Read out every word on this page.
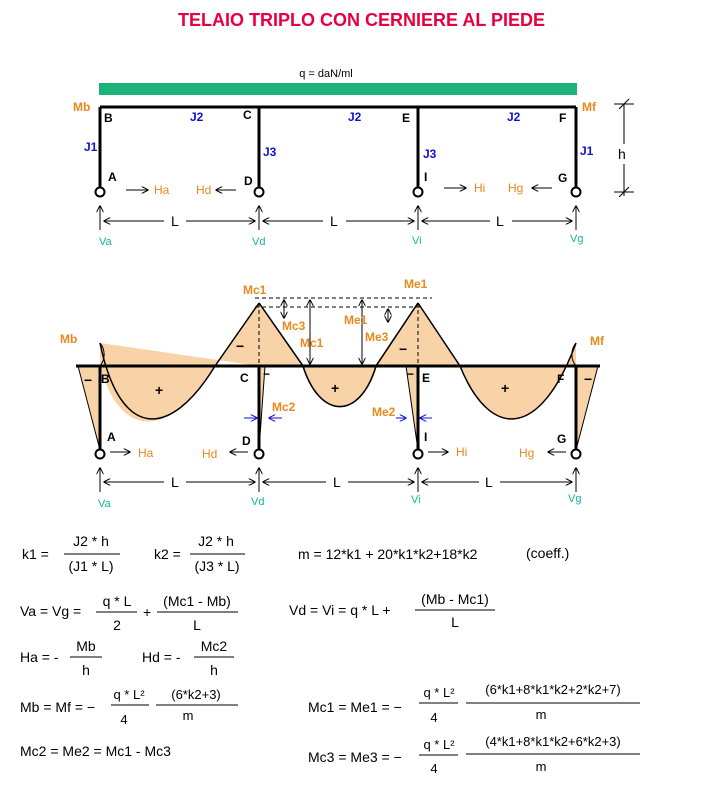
TELAIO TRIPLO CON CERNIERE AL PIEDE
q = daN/ml
B	C	E	F
A	D	I	G
Mb	Mf
J1
J2	J2	J2
J3	J3	J1 h
Ha Hd	Hi Hg
Va	Vd	Vi	Vg
L	L	L
Mc1	Me1
Mc3
Mc1
Me1
Me3
Mb	Mf
Mc2	Me2
−
+
−
−
+
−
−
+
−
B	C	E	F
A	D	I	G
Ha	Hd	Hi	Hg
Va	Vd	Vi	Vg
L	L	L
k1 =
J2 * h
(J1 * L)
k2 =
J2 * h
(J3 * L)
m = 12*k1 + 20*k1*k2+18*k2	(coeff.)
Va = Vg =
q * L
2
+
(Mc1 - Mb)
L
Vd = Vi = q * L +
(Mb - Mc1)
L
Ha = -
Mb
h
Hd = -
Mc2
h
Mb = Mf = −
q * L²
4
(6*k2+3)
m
Mc1 = Me1 = −
q * L²
4
(6*k1+8*k1*k2+2*k2+7)
m
Mc2 = Me2 = Mc1 - Mc3	Mc3 = Me3 = −
q * L²
4
(4*k1+8*k1*k2+6*k2+3)
m
